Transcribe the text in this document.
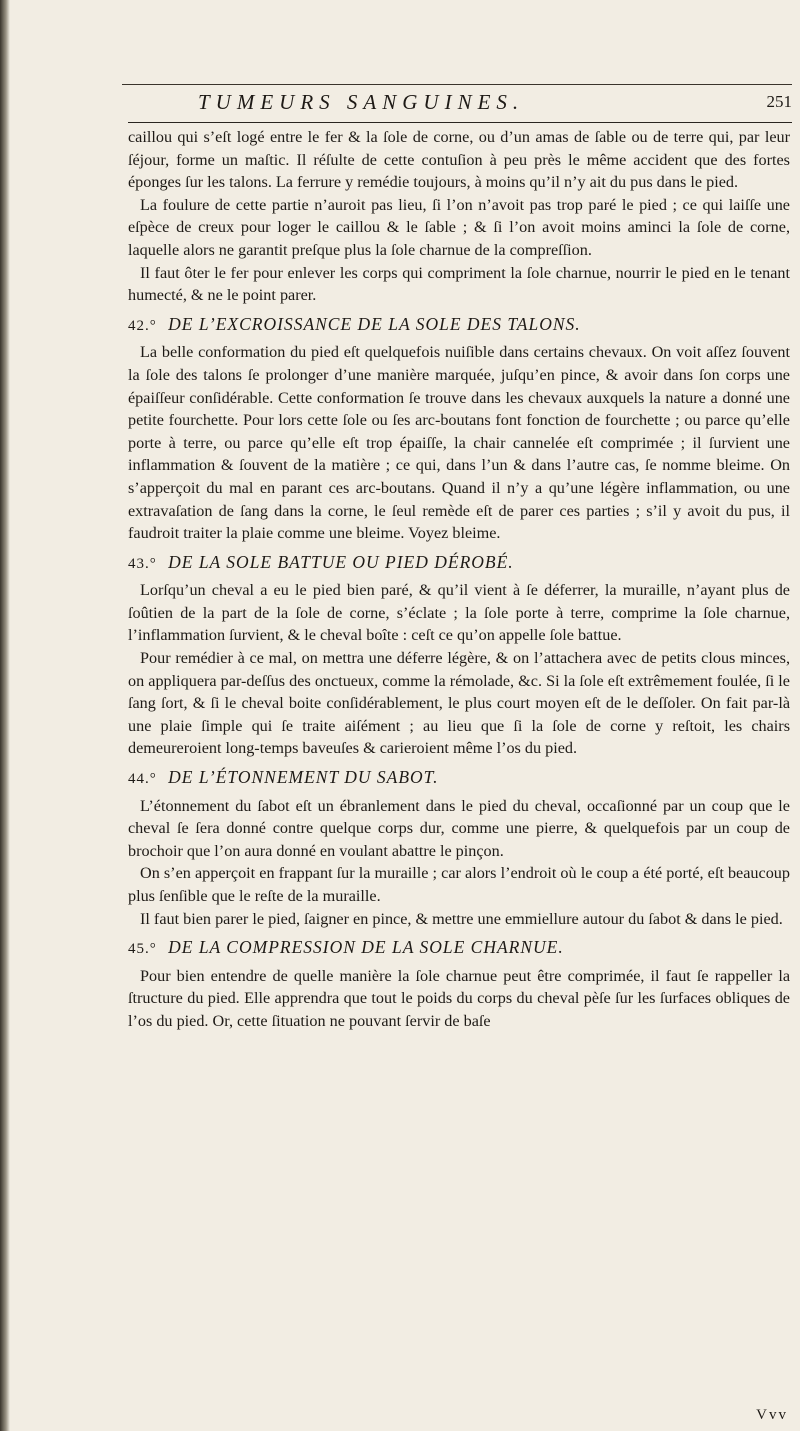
TUMEURS SANGUINES.	251

caillou qui s’eſt logé entre le fer & la ſole de corne, ou d’un amas de ſable ou de terre qui, par leur ſéjour, forme un maſtic. Il réſulte de cette contuſion à peu près le même accident que des fortes éponges ſur les talons. La ferrure y remédie toujours, à moins qu’il n’y ait du pus dans le pied.

La foulure de cette partie n’auroit pas lieu, ſi l’on n’avoit pas trop paré le pied ; ce qui laiſſe une eſpèce de creux pour loger le caillou & le ſable ; & ſi l’on avoit moins aminci la ſole de corne, laquelle alors ne garantit preſque plus la ſole charnue de la compreſſion.

Il faut ôter le fer pour enlever les corps qui compriment la ſole charnue, nourrir le pied en le tenant humecté, & ne le point parer.

42.° DE L’EXCROISSANCE DE LA SOLE DES TALONS.

La belle conformation du pied eſt quelquefois nuiſible dans certains chevaux. On voit aſſez ſouvent la ſole des talons ſe prolonger d’une manière marquée, juſqu’en pince, & avoir dans ſon corps une épaiſſeur conſidérable. Cette conformation ſe trouve dans les chevaux auxquels la nature a donné une petite fourchette. Pour lors cette ſole ou ſes arc-boutans font fonction de fourchette ; ou parce qu’elle porte à terre, ou parce qu’elle eſt trop épaiſſe, la chair cannelée eſt comprimée ; il ſurvient une inflammation & ſouvent de la matière ; ce qui, dans l’un & dans l’autre cas, ſe nomme bleime. On s’apperçoit du mal en parant ces arc-boutans. Quand il n’y a qu’une légère inflammation, ou une extravaſation de ſang dans la corne, le ſeul remède eſt de parer ces parties ; s’il y avoit du pus, il faudroit traiter la plaie comme une bleime. Voyez bleime.

43.° DE LA SOLE BATTUE OU PIED DÉROBÉ.

Lorſqu’un cheval a eu le pied bien paré, & qu’il vient à ſe déferrer, la muraille, n’ayant plus de ſoûtien de la part de la ſole de corne, s’éclate ; la ſole porte à terre, comprime la ſole charnue, l’inflammation ſurvient, & le cheval boîte : ceſt ce qu’on appelle ſole battue.

Pour remédier à ce mal, on mettra une déferre légère, & on l’attachera avec de petits clous minces, on appliquera par-deſſus des onctueux, comme la rémolade, &c. Si la ſole eſt extrêmement foulée, ſi le ſang ſort, & ſi le cheval boite conſidérablement, le plus court moyen eſt de le deſſoler. On fait par-là une plaie ſimple qui ſe traite aiſément ; au lieu que ſi la ſole de corne y reſtoit, les chairs demeureroient long-temps baveuſes & carieroient même l’os du pied.

44.° DE L’ÉTONNEMENT DU SABOT.

L’étonnement du ſabot eſt un ébranlement dans le pied du cheval, occaſionné par un coup que le cheval ſe ſera donné contre quelque corps dur, comme une pierre, & quelquefois par un coup de brochoir que l’on aura donné en voulant abattre le pinçon.

On s’en apperçoit en frappant ſur la muraille ; car alors l’endroit où le coup a été porté, eſt beaucoup plus ſenſible que le reſte de la muraille.

Il faut bien parer le pied, ſaigner en pince, & mettre une emmiellure autour du ſabot & dans le pied.

45.° DE LA COMPRESSION DE LA SOLE CHARNUE.

Pour bien entendre de quelle manière la ſole charnue peut être comprimée, il faut ſe rappeller la ſtructure du pied. Elle apprendra que tout le poids du corps du cheval pèſe ſur les ſurfaces obliques de l’os du pied. Or, cette ſituation ne pouvant ſervir de baſe

Vvv
